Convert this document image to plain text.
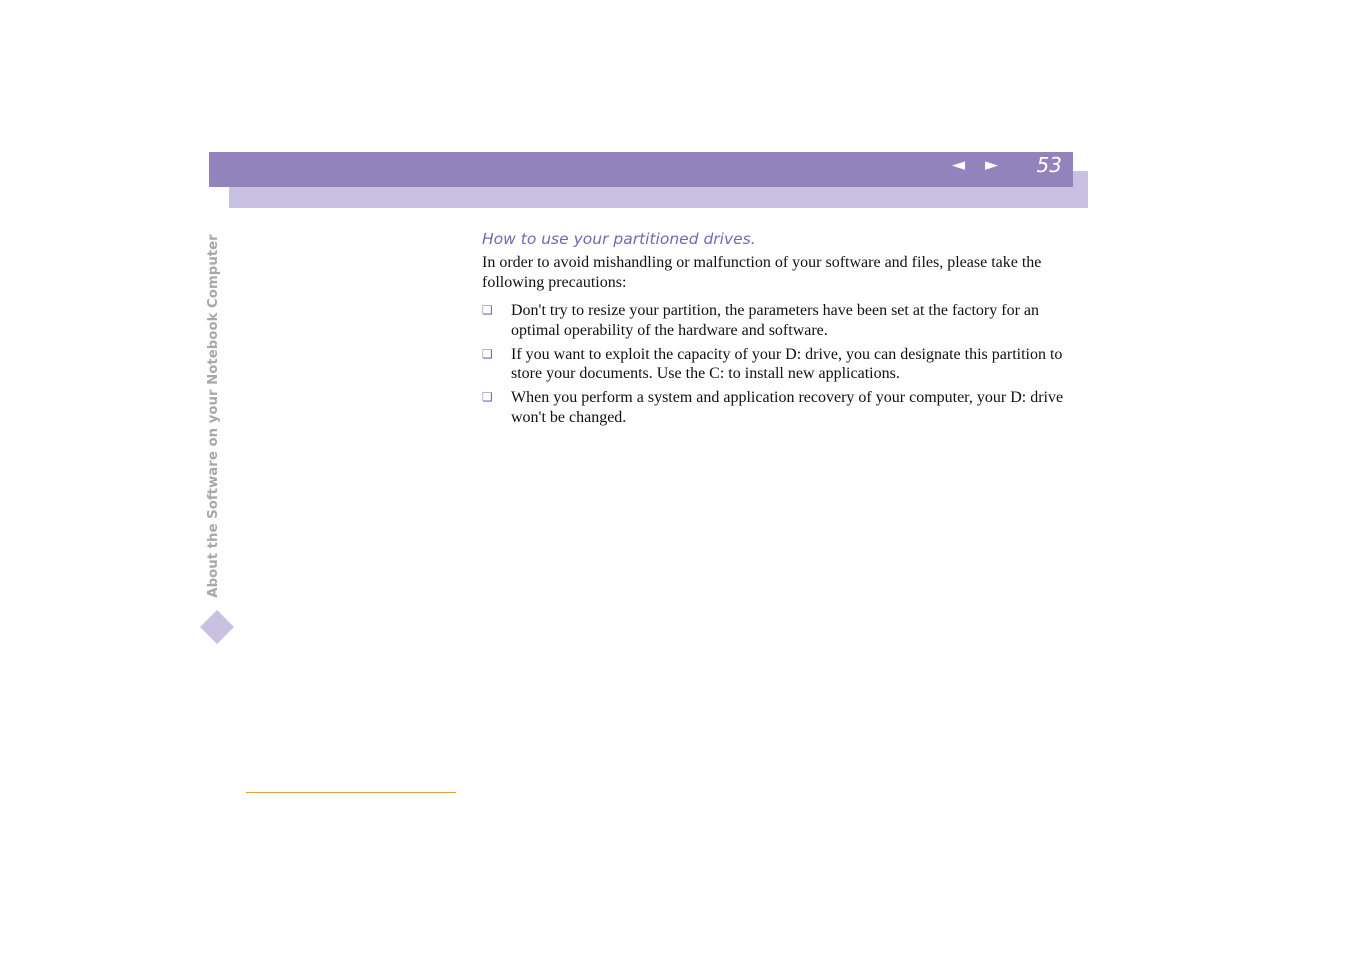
◄ ►	53
About the Software on your Notebook Computer	How to use your partitioned drives.

In order to avoid mishandling or malfunction of your software and files, please take the following precautions:

❑ Don't try to resize your partition, the parameters have been set at the factory for an optimal operability of the hardware and software.
❑ If you want to exploit the capacity of your D: drive, you can designate this partition to store your documents. Use the C: to install new applications.
❑ When you perform a system and application recovery of your computer, your D: drive won't be changed.
